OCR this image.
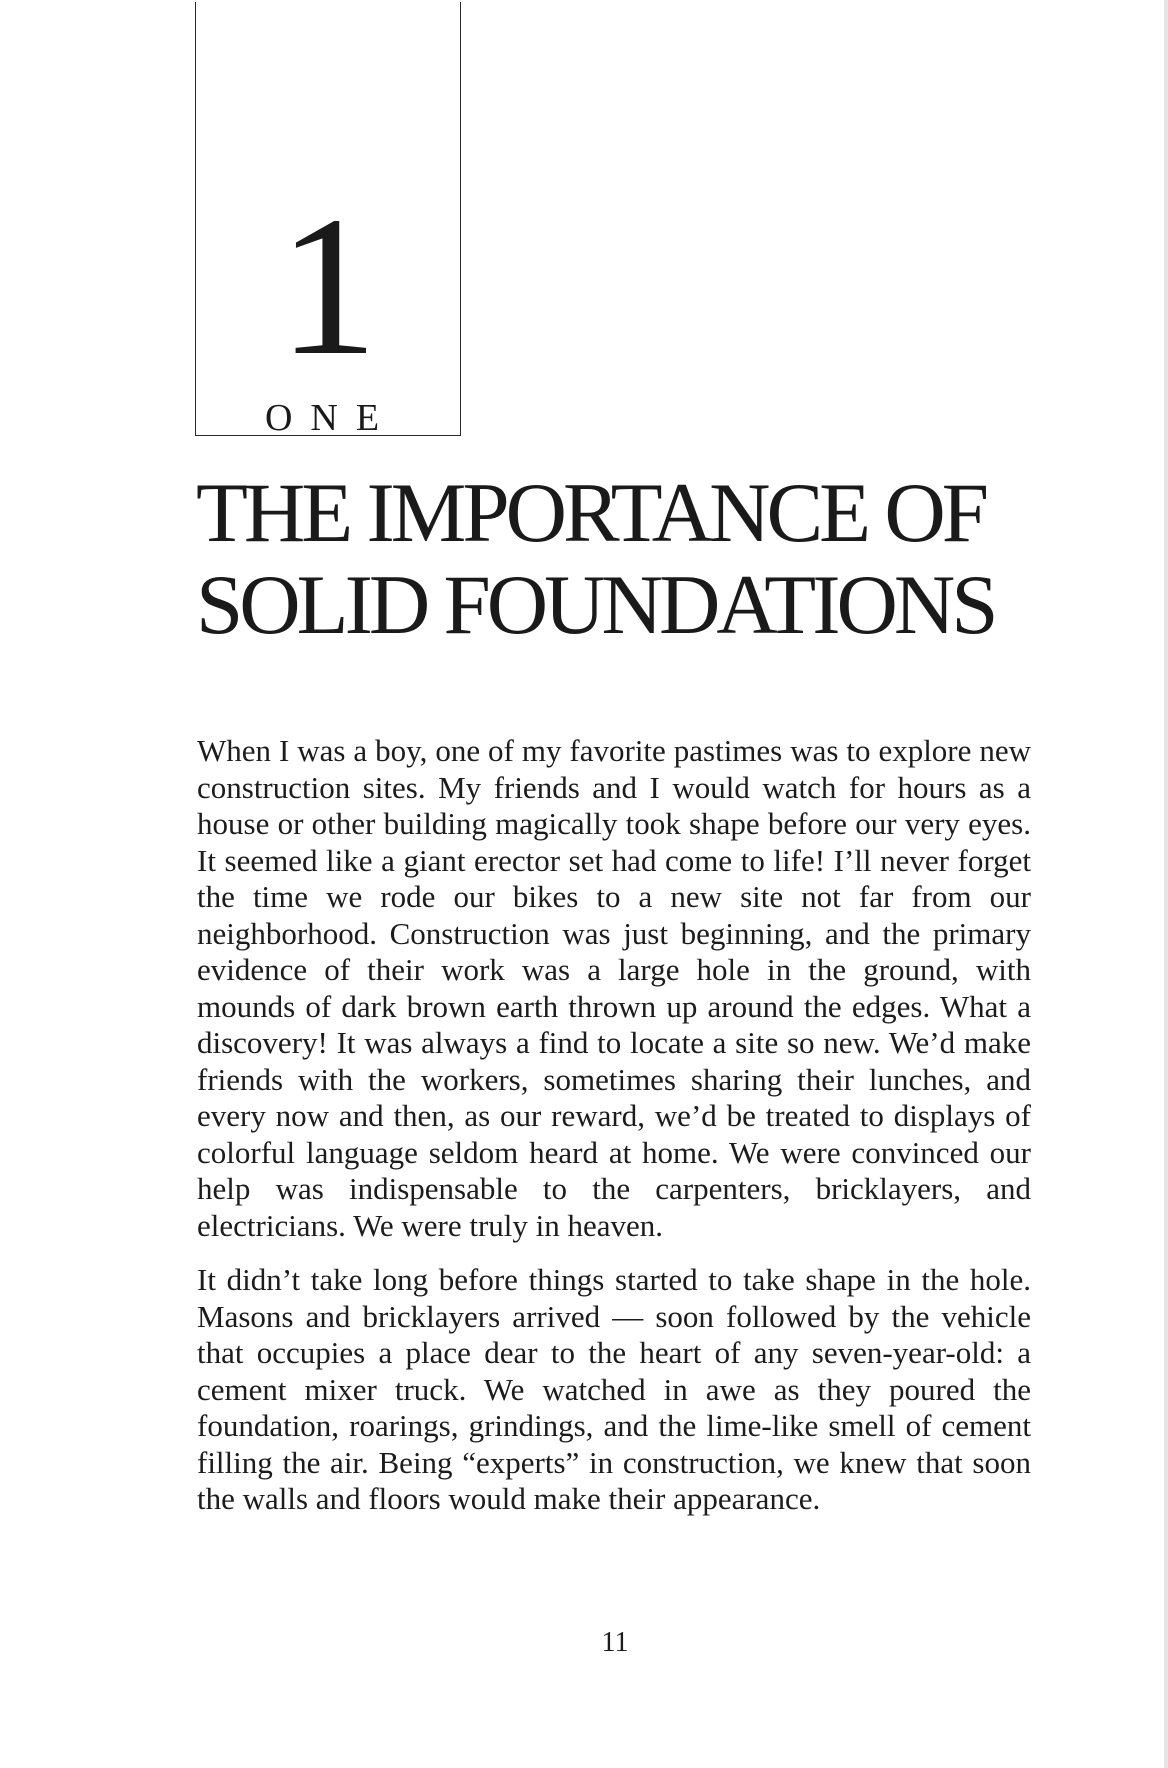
1
ONE
THE IMPORTANCE OF
SOLID FOUNDATIONS

When I was a boy, one of my favorite pastimes was to explore new construction sites. My friends and I would watch for hours as a house or other building magically took shape before our very eyes. It seemed like a giant erector set had come to life! I’ll never forget the time we rode our bikes to a new site not far from our neighborhood. Construction was just beginning, and the primary evidence of their work was a large hole in the ground, with mounds of dark brown earth thrown up around the edges. What a discovery! It was always a find to locate a site so new. We’d make friends with the workers, sometimes sharing their lunches, and every now and then, as our reward, we’d be treated to displays of colorful language seldom heard at home. We were convinced our help was indispensable to the carpenters, bricklayers, and electricians. We were truly in heaven.

It didn’t take long before things started to take shape in the hole. Masons and bricklayers arrived — soon followed by the vehicle that occupies a place dear to the heart of any seven-year-old: a cement mixer truck. We watched in awe as they poured the foundation, roarings, grindings, and the lime-like smell of cement filling the air. Being “experts” in construction, we knew that soon the walls and floors would make their appearance.

11
